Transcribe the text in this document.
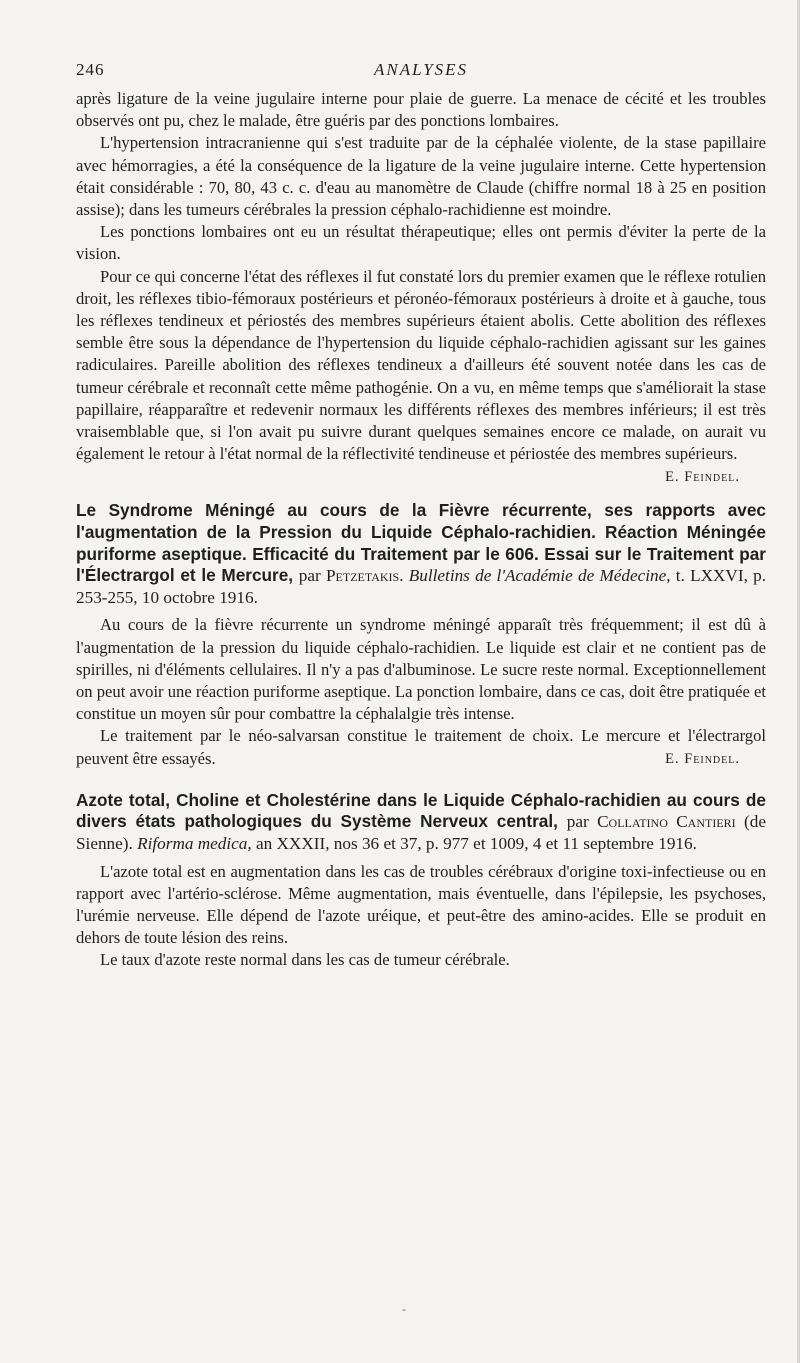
246	ANALYSES

après ligature de la veine jugulaire interne pour plaie de guerre. La menace de cécité et les troubles observés ont pu, chez le malade, être guéris par des ponctions lombaires.

L'hypertension intracranienne qui s'est traduite par de la céphalée violente, de la stase papillaire avec hémorragies, a été la conséquence de la ligature de la veine jugulaire interne. Cette hypertension était considérable : 70, 80, 43 c. c. d'eau au manomètre de Claude (chiffre normal 18 à 25 en position assise); dans les tumeurs cérébrales la pression céphalo-rachidienne est moindre.

Les ponctions lombaires ont eu un résultat thérapeutique; elles ont permis d'éviter la perte de la vision.

Pour ce qui concerne l'état des réflexes il fut constaté lors du premier examen que le réflexe rotulien droit, les réflexes tibio-fémoraux postérieurs et péronéo-fémoraux postérieurs à droite et à gauche, tous les réflexes tendineux et périostés des membres supérieurs étaient abolis. Cette abolition des réflexes semble être sous la dépendance de l'hypertension du liquide céphalo-rachidien agissant sur les gaines radiculaires. Pareille abolition des réflexes tendineux a d'ailleurs été souvent notée dans les cas de tumeur cérébrale et reconnaît cette même pathogénie. On a vu, en même temps que s'améliorait la stase papillaire, réapparaître et redevenir normaux les différents réflexes des membres inférieurs; il est très vraisemblable que, si l'on avait pu suivre durant quelques semaines encore ce malade, on aurait vu également le retour à l'état normal de la réflectivité tendineuse et périostée des membres supérieurs.

E. Feindel.
Le Syndrome Méningé au cours de la Fièvre récurrente, ses rapports avec l'augmentation de la Pression du Liquide Céphalo-rachidien. Réaction Méningée puriforme aseptique. Efficacité du Traitement par le 606. Essai sur le Traitement par l'Électrargol et le Mercure, par Petzetakis. Bulletins de l'Académie de Médecine, t. LXXVI, p. 253-255, 10 octobre 1916.

Au cours de la fièvre récurrente un syndrome méningé apparaît très fréquemment; il est dû à l'augmentation de la pression du liquide céphalo-rachidien. Le liquide est clair et ne contient pas de spirilles, ni d'éléments cellulaires. Il n'y a pas d'albuminose. Le sucre reste normal. Exceptionnellement on peut avoir une réaction puriforme aseptique. La ponction lombaire, dans ce cas, doit être pratiquée et constitue un moyen sûr pour combattre la céphalalgie très intense.

Le traitement par le néo-salvarsan constitue le traitement de choix. Le mercure et l'électrargol peuvent être essayés.	E. Feindel.

Azote total, Choline et Cholestérine dans le Liquide Céphalo-rachidien au cours de divers états pathologiques du Système Nerveux central, par Collatino Cantieri (de Sienne). Riforma medica, an XXXII, nos 36 et 37, p. 977 et 1009, 4 et 11 septembre 1916.

L'azote total est en augmentation dans les cas de troubles cérébraux d'origine toxi-infectieuse ou en rapport avec l'artério-sclérose. Même augmentation, mais éventuelle, dans l'épilepsie, les psychoses, l'urémie nerveuse. Elle dépend de l'azote uréique, et peut-être des amino-acides. Elle se produit en dehors de toute lésion des reins.

Le taux d'azote reste normal dans les cas de tumeur cérébrale.

-
